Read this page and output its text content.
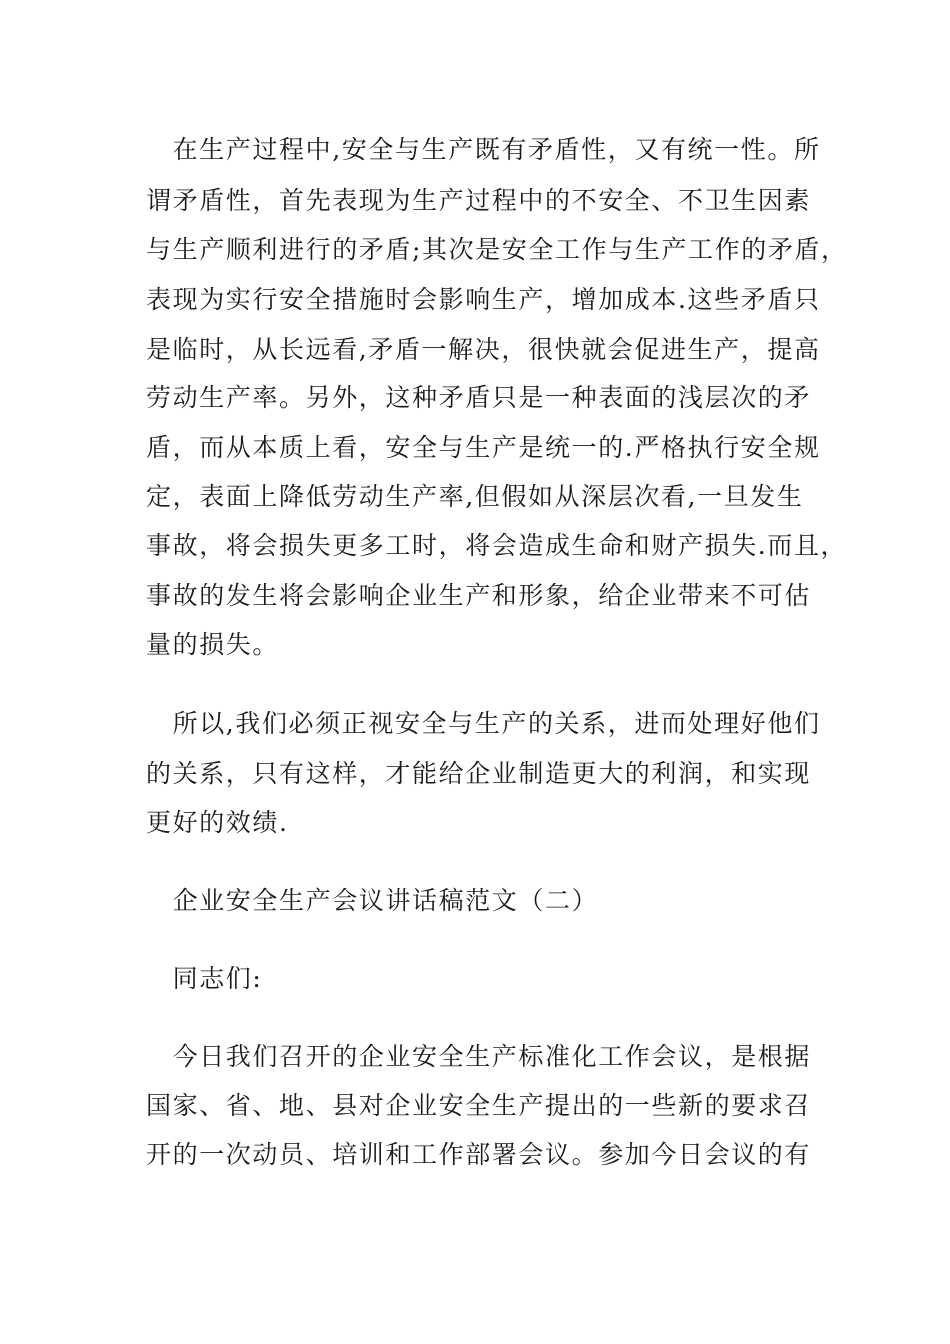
　在生产过程中,安全与生产既有矛盾性，又有统一性。所
谓矛盾性，首先表现为生产过程中的不安全、不卫生因素
与生产顺利进行的矛盾;其次是安全工作与生产工作的矛盾，
表现为实行安全措施时会影响生产，增加成本.这些矛盾只
是临时，从长远看,矛盾一解决，很快就会促进生产，提高
劳动生产率。另外，这种矛盾只是一种表面的浅层次的矛
盾，而从本质上看，安全与生产是统一的.严格执行安全规
定，表面上降低劳动生产率,但假如从深层次看,一旦发生
事故，将会损失更多工时，将会造成生命和财产损失.而且，
事故的发生将会影响企业生产和形象，给企业带来不可估
量的损失。
　所以,我们必须正视安全与生产的关系，进而处理好他们
的关系，只有这样，才能给企业制造更大的利润，和实现
更好的效绩.
　企业安全生产会议讲话稿范文（二）
　同志们:
　今日我们召开的企业安全生产标准化工作会议，是根据
国家、省、地、县对企业安全生产提出的一些新的要求召
开的一次动员、培训和工作部署会议。参加今日会议的有
